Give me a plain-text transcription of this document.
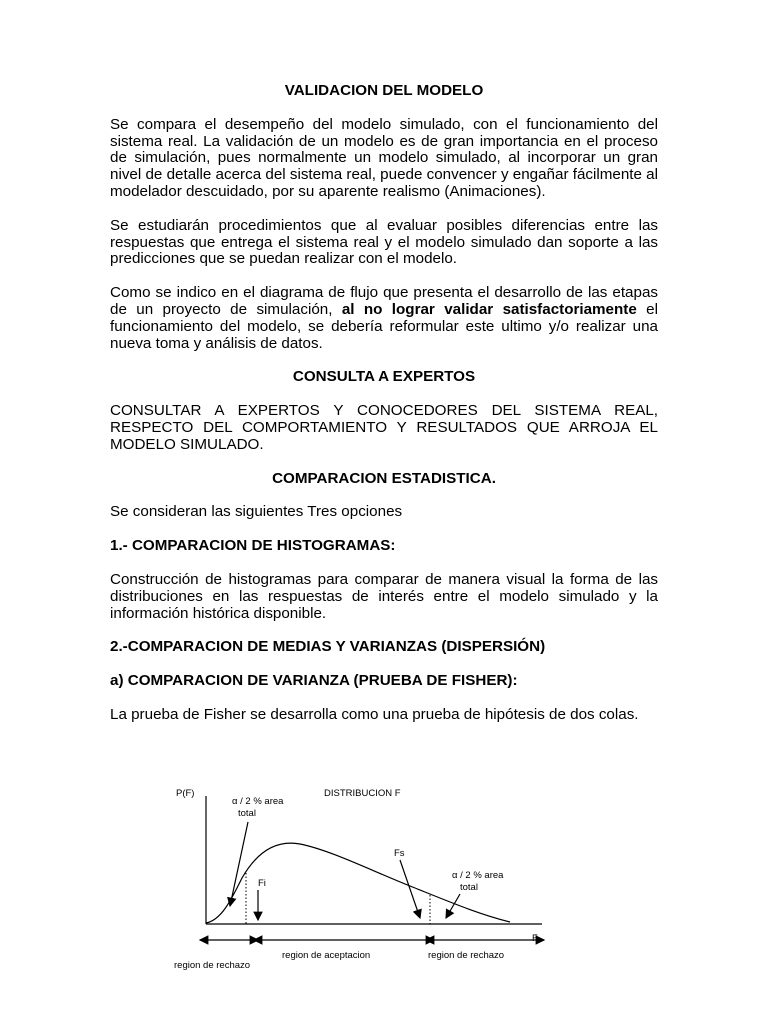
VALIDACION DEL MODELO

Se compara el desempeño del modelo simulado, con el funcionamiento del sistema real. La validación de un modelo es de gran importancia en el proceso de simulación, pues normalmente un modelo simulado, al incorporar un gran nivel de detalle acerca del sistema real, puede convencer y engañar fácilmente al modelador descuidado, por su aparente realismo (Animaciones).

Se estudiarán procedimientos que al evaluar posibles diferencias entre las respuestas que entrega el sistema real y el modelo simulado dan soporte a las predicciones que se puedan realizar con el modelo.

Como se indico en el diagrama de flujo que presenta el desarrollo de las etapas de un proyecto de simulación, al no lograr validar satisfactoriamente el funcionamiento del modelo, se debería reformular este ultimo y/o realizar una nueva toma y análisis de datos.

CONSULTA A EXPERTOS

CONSULTAR A EXPERTOS Y CONOCEDORES DEL SISTEMA REAL, RESPECTO DEL COMPORTAMIENTO Y RESULTADOS QUE ARROJA EL MODELO SIMULADO.

COMPARACION ESTADISTICA.

Se consideran las siguientes Tres opciones

1.- COMPARACION DE HISTOGRAMAS:

Construcción de histogramas para comparar de manera visual la forma de las distribuciones en las respuestas de interés entre el modelo simulado y la información histórica disponible.

2.-COMPARACION DE MEDIAS Y VARIANZAS (DISPERSIÓN)

a) COMPARACION DE VARIANZA (PRUEBA DE FISHER):

La prueba de Fisher se desarrolla como una prueba de hipótesis de dos colas.

P(F)	DISTRIBUCION F
F
α / 2 % area
total
Fi
Fs
α / 2 % area
total
region de rechazo
region de aceptacion	region de rechazo
